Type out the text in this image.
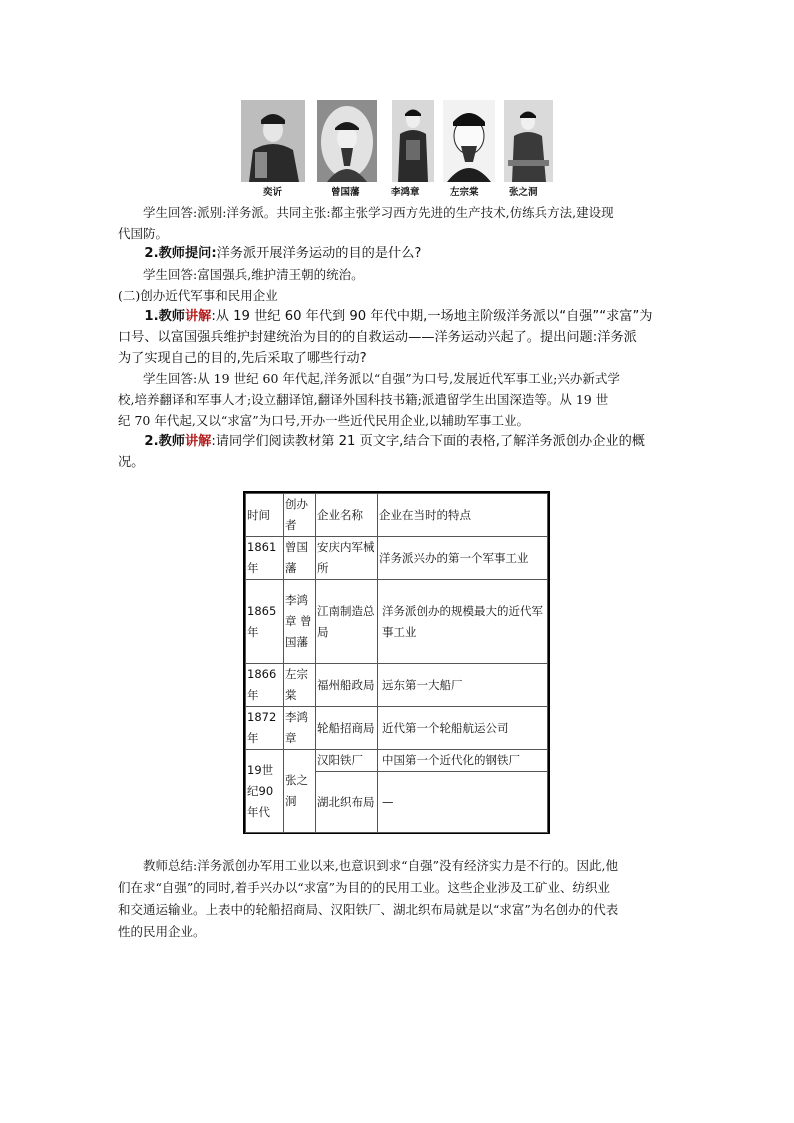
奕䜣	曾国藩	李鸿章	左宗棠	张之洞
学生回答:派别:洋务派。共同主张:都主张学习西方先进的生产技术,仿练兵方法,建设现
代国防。
2.教师提问:洋务派开展洋务运动的目的是什么?
学生回答:富国强兵,维护清王朝的统治。
(二)创办近代军事和民用企业
1.教师讲解:从 19 世纪 60 年代到 90 年代中期,一场地主阶级洋务派以“自强”“求富”为
口号、以富国强兵维护封建统治为目的的自救运动——洋务运动兴起了。提出问题:洋务派
为了实现自己的目的,先后采取了哪些行动?
学生回答:从 19 世纪 60 年代起,洋务派以“自强”为口号,发展近代军事工业;兴办新式学
校,培养翻译和军事人才;设立翻译馆,翻译外国科技书籍;派遣留学生出国深造等。从 19 世
纪 70 年代起,又以“求富”为口号,开办一些近代民用企业,以辅助军事工业。
2.教师讲解:请同学们阅读教材第 21 页文字,结合下面的表格,了解洋务派创办企业的概
况。
时间	创办者	企业名称	企业在当时的特点
1861年	曾国藩	安庆内军械所	洋务派兴办的第一个军事工业
1865年	李鸿章 曾国藩	江南制造总局	洋务派创办的规模最大的近代军事工业
1866年	左宗棠	福州船政局	远东第一大船厂
1872年	李鸿章	轮船招商局	近代第一个轮船航运公司
19世纪90年代	张之洞	汉阳铁厂	中国第一个近代化的钢铁厂
		湖北织布局	—
教师总结:洋务派创办军用工业以来,也意识到求“自强”没有经济实力是不行的。因此,他
们在求“自强”的同时,着手兴办以“求富”为目的的民用工业。这些企业涉及工矿业、纺织业
和交通运输业。上表中的轮船招商局、汉阳铁厂、湖北织布局就是以“求富”为名创办的代表
性的民用企业。
